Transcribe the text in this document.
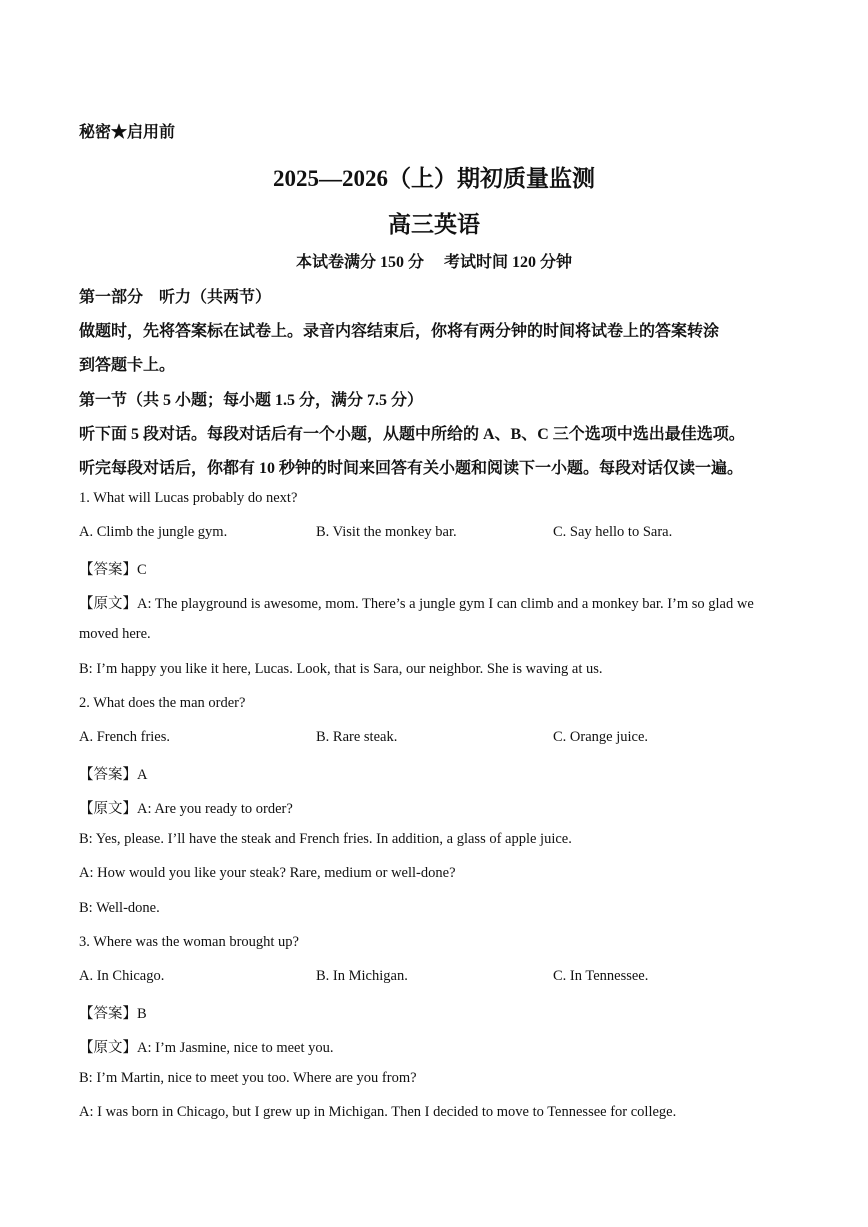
秘密★启用前
2025—2026（上）期初质量监测
高三英语
本试卷满分 150 分 考试时间 120 分钟
第一部分　听力（共两节）
做题时，先将答案标在试卷上。录音内容结束后，你将有两分钟的时间将试卷上的答案转涂
到答题卡上。
第一节（共 5 小题；每小题 1.5 分，满分 7.5 分）
听下面 5 段对话。每段对话后有一个小题，从题中所给的 A、B、C 三个选项中选出最佳选项。
听完每段对话后，你都有 10 秒钟的时间来回答有关小题和阅读下一小题。每段对话仅读一遍。
1. What will Lucas probably do next?
A. Climb the jungle gym.	B. Visit the monkey bar.	C. Say hello to Sara.
【答案】C
【原文】A: The playground is awesome, mom. There’s a jungle gym I can climb and a monkey bar. I’m so glad we
moved here.
B: I’m happy you like it here, Lucas. Look, that is Sara, our neighbor. She is waving at us.
2. What does the man order?
A. French fries.	B. Rare steak.	C. Orange juice.
【答案】A
【原文】A: Are you ready to order?
B: Yes, please. I’ll have the steak and French fries. In addition, a glass of apple juice.
A: How would you like your steak? Rare, medium or well-done?
B: Well-done.
3. Where was the woman brought up?
A. In Chicago.	B. In Michigan.	C. In Tennessee.
【答案】B
【原文】A: I’m Jasmine, nice to meet you.
B: I’m Martin, nice to meet you too. Where are you from?
A: I was born in Chicago, but I grew up in Michigan. Then I decided to move to Tennessee for college.
